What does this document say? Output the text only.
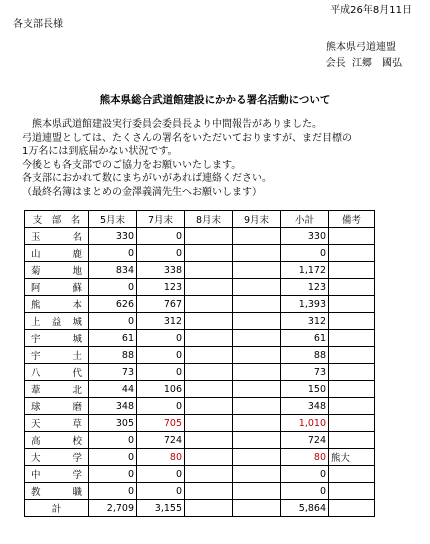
平成26年8月11日
各支部長様
熊本県弓道連盟
会長 江郷　國弘
熊本県総合武道館建設にかかる署名活動について

熊本県武道館建設実行委員会委員長より中間報告がありました。

弓道連盟としては、たくさんの署名をいただいておりますが、まだ目標の

1万名には到底届かない状況です。

今後とも各支部でのご協力をお願いいたします。

各支部におかれて数にまちがいがあれば連絡ください。

（最終名簿はまとめの金澤義満先生へお願いします）

支　部　名	5月末	7月末	8月末	9月末	小計	備考

玉 名	330	0			330	

山 鹿	0	0			0	

菊 地	834	338			1,172	

阿 蘇	0	123			123	

熊 本	626	767			1,393	

上 益 城	0	312			312	

宇 城	61	0			61	

宇 土	88	0			88	

八 代	73	0			73	

葦 北	44	106			150	

球 磨	348	0			348	

天 草	305	705			1,010	

高 校	0	724			724	

大 学	0	80			80	熊大

中 学	0	0			0	

教 職	0	0			0	
計	2,709	3,155			5,864	
